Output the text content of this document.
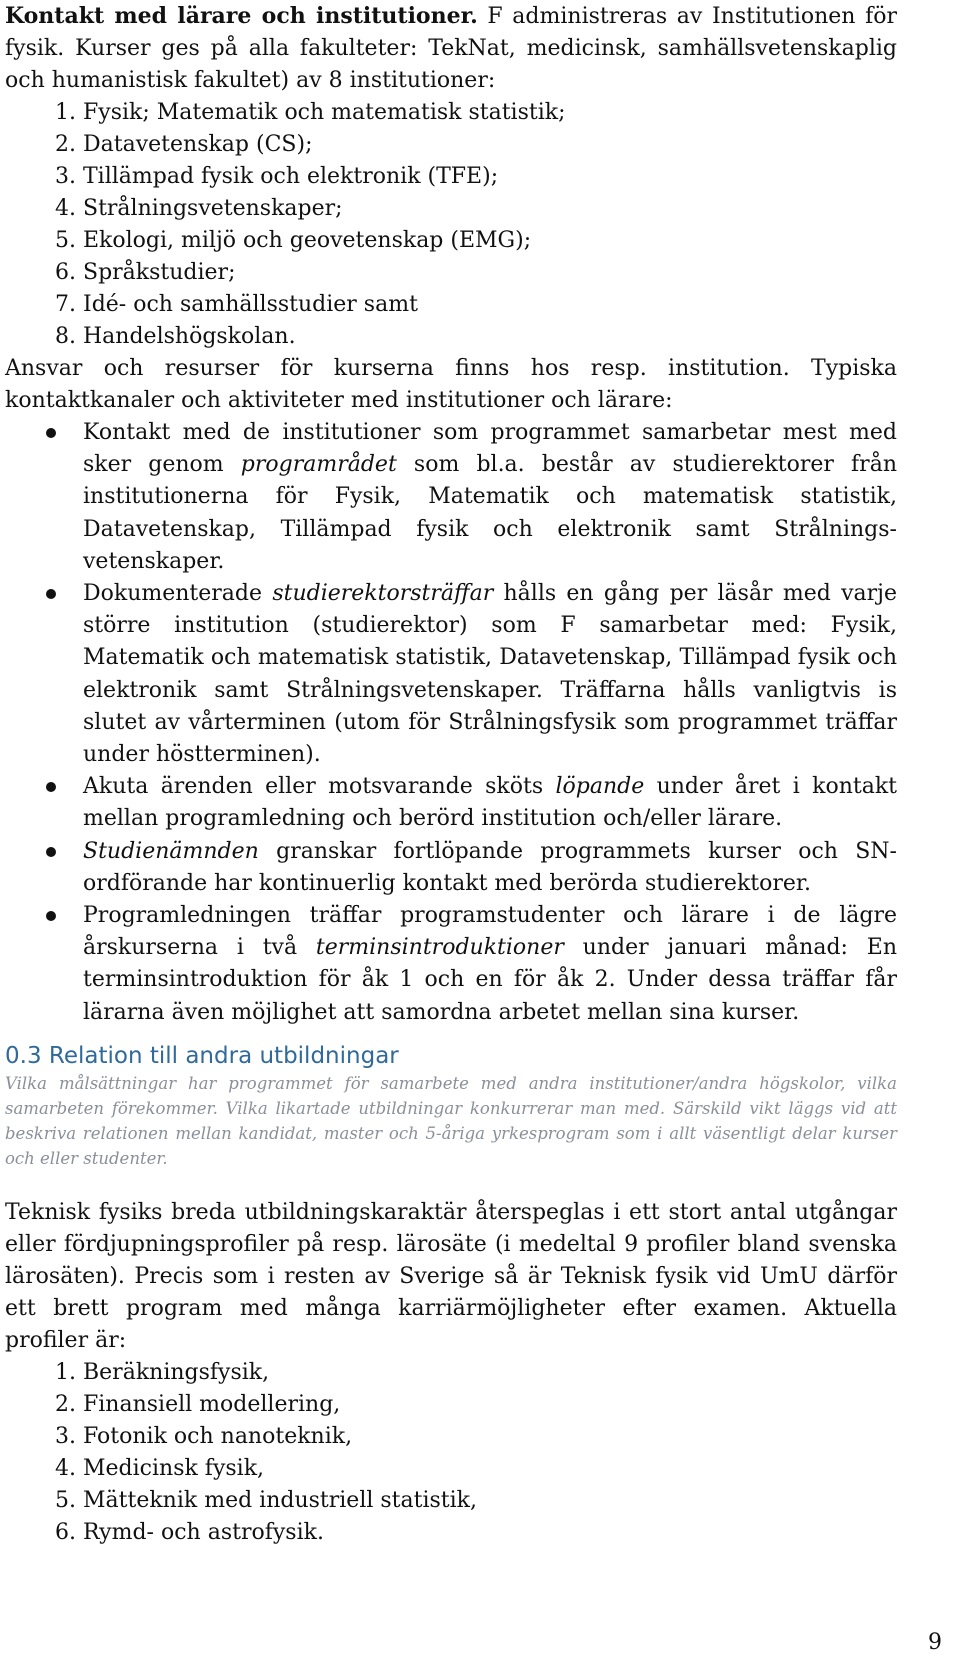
Kontakt med lärare och institutioner. F administreras av Institutionen för fysik. Kurser ges på alla fakulteter: TekNat, medicinsk, samhällsvetenskaplig och humanistisk fakultet) av 8 institutioner:

1. Fysik; Matematik och matematisk statistik;
2. Datavetenskap (CS);
3. Tillämpad fysik och elektronik (TFE);
4. Strålningsvetenskaper;
5. Ekologi, miljö och geovetenskap (EMG);
6. Språkstudier;
7. Idé- och samhällsstudier samt
8. Handelshögskolan.

Ansvar och resurser för kurserna finns hos resp. institution. Typiska

kontaktkanaler och aktiviteter med institutioner och lärare:

Kontakt med de institutioner som programmet samarbetar mest med sker genom programrådet som bl.a. består av studierektorer från institutionerna för Fysik, Matematik och matematisk statistik, Datavetenskap, Tillämpad fysik och elektronik samt Strålnings-vetenskaper.
Dokumenterade studierektorsträffar hålls en gång per läsår med varje större institution (studierektor) som F samarbetar med: Fysik, Matematik och matematisk statistik, Datavetenskap, Tillämpad fysik och elektronik samt Strålningsvetenskaper. Träffarna hålls vanligtvis is slutet av vårterminen (utom för Strålningsfysik som programmet träffar under höstterminen).
Akuta ärenden eller motsvarande sköts löpande under året i kontakt mellan programledning och berörd institution och/eller lärare.
Studienämnden granskar fortlöpande programmets kurser och SN-ordförande har kontinuerlig kontakt med berörda studierektorer.
Programledningen träffar programstudenter och lärare i de lägre årskurserna i två terminsintroduktioner under januari månad: En terminsintroduktion för åk 1 och en för åk 2. Under dessa träffar får lärarna även möjlighet att samordna arbetet mellan sina kurser.
0.3 Relation till andra utbildningar

Vilka målsättningar har programmet för samarbete med andra institutioner/andra högskolor, vilka samarbeten förekommer. Vilka likartade utbildningar konkurrerar man med. Särskild vikt läggs vid att beskriva relationen mellan kandidat, master och 5-åriga yrkesprogram som i allt väsentligt delar kurser och eller studenter.

Teknisk fysiks breda utbildningskaraktär återspeglas i ett stort antal utgångar eller fördjupningsprofiler på resp. lärosäte (i medeltal 9 profiler bland svenska lärosäten). Precis som i resten av Sverige så är Teknisk fysik vid UmU därför ett brett program med många karriärmöjligheter efter examen. Aktuella profiler är:

1. Beräkningsfysik,
2. Finansiell modellering,
3. Fotonik och nanoteknik,
4. Medicinsk fysik,
5. Mätteknik med industriell statistik,
6. Rymd- och astrofysik.
9
